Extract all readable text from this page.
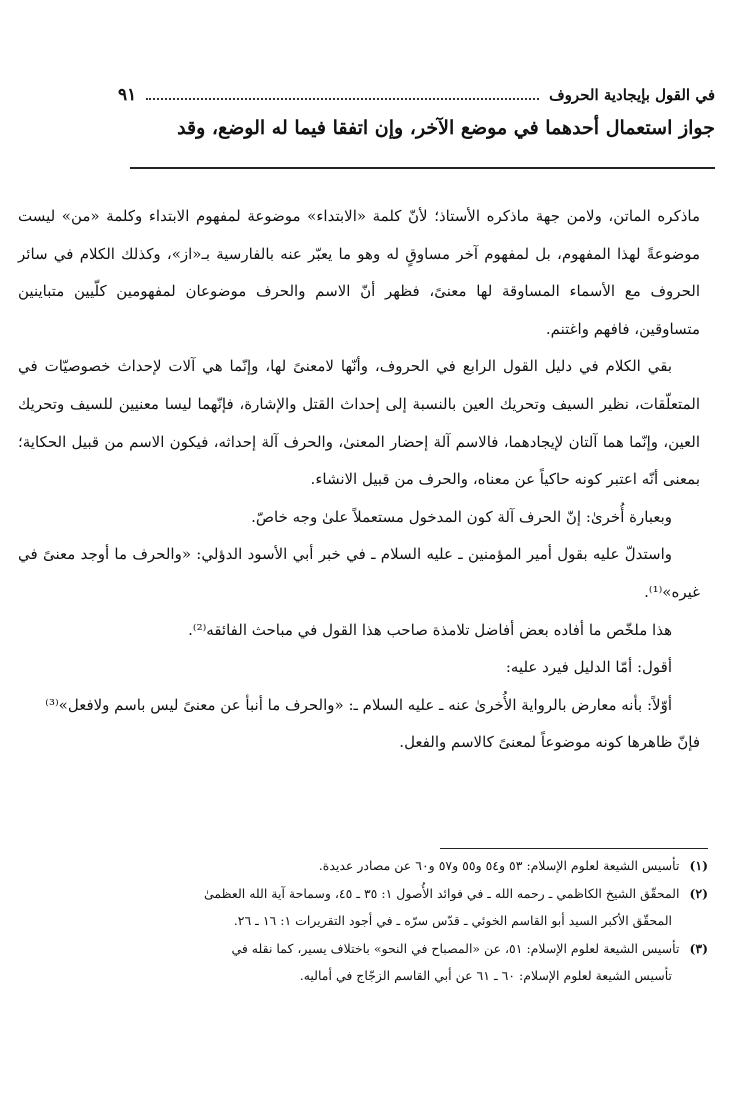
في القول بإيجادية الحروف
٩١
جواز استعمال أحدهما في موضع الآخر، وإن اتفقا فيما له الوضع، وقد

ماذكره الماتن، ولامن جهة ماذكره الأستاذ؛ لأنّ كلمة «الابتداء» موضوعة لمفهوم الابتداء وكلمة «من» ليست موضوعةً لهذا المفهوم، بل لمفهوم آخر مساوقٍ له وهو ما يعبّر عنه بالفارسية بـ«از»، وكذلك الكلام في سائر الحروف مع الأسماء المساوقة لها معنىً، فظهر أنّ الاسم والحرف موضوعان لمفهومين كلّيين متباينين متساوقين، فافهم واغتنم.

بقي الكلام في دليل القول الرابع في الحروف، وأنّها لامعنىً لها، وإنّما هي آلات لإحداث خصوصيّات في المتعلّقات، نظير السيف وتحريك العين بالنسبة إلى إحداث القتل والإشارة، فإنّهما ليسا معنيين للسيف وتحريك العين، وإنّما هما آلتان لإيجادهما، فالاسم آلة إحضار المعنىٰ، والحرف آلة إحداثه، فيكون الاسم من قبيل الحكاية؛ بمعنى أنّه اعتبر كونه حاكياً عن معناه، والحرف من قبيل الانشاء.

وبعبارة أُخرىٰ: إنّ الحرف آلة كون المدخول مستعملاً علىٰ وجه خاصّ.

واستدلّ عليه بقول أمير المؤمنين ـ عليه السلام ـ في خبر أبي الأسود الدؤلي: «والحرف ما أوجد معنىً في غيره»⁽¹⁾.

هذا ملخّص ما أفاده بعض أفاضل تلامذة صاحب هذا القول في مباحث الفائقه⁽²⁾.

أقول: أمّا الدليل فيرد عليه:

أوّلاً: بأنه معارض بالرواية الأُخرىٰ عنه ـ عليه السلام ـ: «والحرف ما أنبأ عن معنىً ليس باسم ولافعل»⁽³⁾ فإنّ ظاهرها كونه موضوعاً لمعنىً كالاسم والفعل.

(١) تأسيس الشيعة لعلوم الإسلام: ٥٣ و٥٤ و٥٥ و٥٧ و٦٠ عن مصادر عديدة.

(٢) المحقّق الشيخ الكاظمي ـ رحمه الله ـ في فوائد الأُصول ١: ٣٥ ـ ٤٥، وسماحة آية الله العظمىٰ

المحقّق الأكبر السيد أبو القاسم الخوئي ـ قدّس سرّه ـ في أجود التقريرات ١: ١٦ ـ ٢٦.

(٣) تأسيس الشيعة لعلوم الإسلام: ٥١، عن «المصباح في النحو» باختلاف يسير، كما نقله في

تأسيس الشيعة لعلوم الإسلام: ٦٠ ـ ٦١ عن أبي القاسم الزجّاج في أماليه.
